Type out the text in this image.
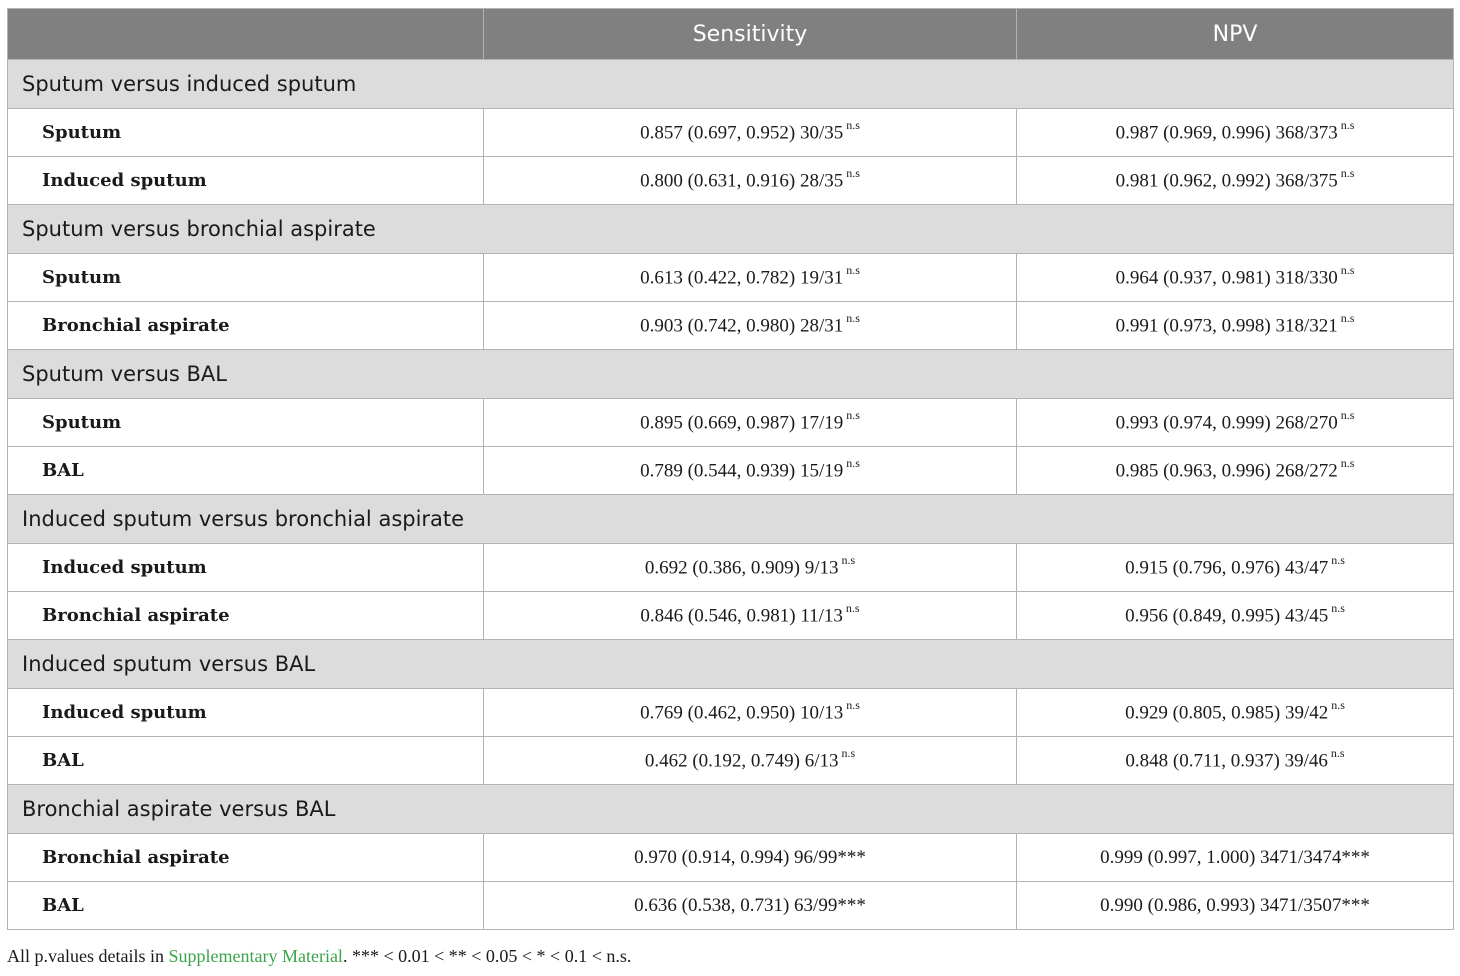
	Sensitivity	NPV
Sputum versus induced sputum		
Sputum	0.857 (0.697, 0.952) 30/35 $^{n.s}$	0.987 (0.969, 0.996) 368/373 $^{n.s}$
Induced sputum	0.800 (0.631, 0.916) 28/35 $^{n.s}$	0.981 (0.962, 0.992) 368/375 $^{n.s}$
Sputum versus bronchial aspirate		
Sputum	0.613 (0.422, 0.782) 19/31 $^{n.s}$	0.964 (0.937, 0.981) 318/330 $^{n.s}$
Bronchial aspirate	0.903 (0.742, 0.980) 28/31 $^{n.s}$	0.991 (0.973, 0.998) 318/321 $^{n.s}$
Sputum versus BAL		
Sputum	0.895 (0.669, 0.987) 17/19 $^{n.s}$	0.993 (0.974, 0.999) 268/270 $^{n.s}$
BAL	0.789 (0.544, 0.939) 15/19 $^{n.s}$	0.985 (0.963, 0.996) 268/272 $^{n.s}$
Induced sputum versus bronchial aspirate		
Induced sputum	0.692 (0.386, 0.909) 9/13 $^{n.s}$	0.915 (0.796, 0.976) 43/47 $^{n.s}$
Bronchial aspirate	0.846 (0.546, 0.981) 11/13 $^{n.s}$	0.956 (0.849, 0.995) 43/45 $^{n.s}$
Induced sputum versus BAL		
Induced sputum	0.769 (0.462, 0.950) 10/13 $^{n.s}$	0.929 (0.805, 0.985) 39/42 $^{n.s}$
BAL	0.462 (0.192, 0.749) 6/13 $^{n.s}$	0.848 (0.711, 0.937) 39/46 $^{n.s}$
Bronchial aspirate versus BAL		
Bronchial aspirate	0.970 (0.914, 0.994) 96/99***	0.999 (0.997, 1.000) 3471/3474***
BAL	0.636 (0.538, 0.731) 63/99***	0.990 (0.986, 0.993) 3471/3507***
All p.values details in Supplementary Material. *** < 0.01 < ** < 0.05 < * < 0.1 < n.s.
